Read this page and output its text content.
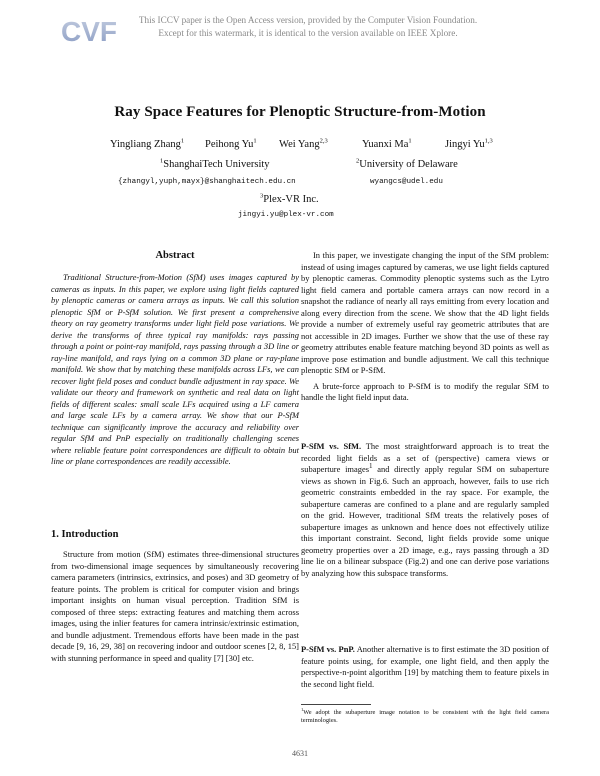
CVF	This ICCV paper is the Open Access version, provided by the Computer Vision Foundation.
Except for this watermark, it is identical to the version available on IEEE Xplore.
Ray Space Features for Plenoptic Structure-from-Motion
Yingliang Zhang$^1$ Peihong Yu$^1$ Wei Yang$^{2,3}$	Yuanxi Ma$^1$	Jingyi Yu$^{1,3}$
$^1$ShanghaiTech University
{zhangyl,yuph,mayx}@shanghaitech.edu.cn
$^2$University of Delaware
wyangcs@udel.edu
$^3$Plex-VR Inc.
jingyi.yu@plex-vr.com
Abstract

Traditional Structure-from-Motion (SfM) uses images captured by cameras as inputs. In this paper, we explore using light fields captured by plenoptic cameras or camera arrays as inputs. We call this solution plenoptic SfM or P-SfM solution. We first present a comprehensive theory on ray geometry transforms under light field pose variations. We derive the transforms of three typical ray manifolds: rays passing through a point or point-ray manifold, rays passing through a 3D line or ray-line manifold, and rays lying on a common 3D plane or ray-plane manifold. We show that by matching these manifolds across LFs, we can recover light field poses and conduct bundle adjustment in ray space. We validate our theory and framework on synthetic and real data on light fields of different scales: small scale LFs acquired using a LF camera and large scale LFs by a camera array. We show that our P-SfM technique can significantly improve the accuracy and reliability over regular SfM and PnP especially on traditionally challenging scenes where reliable feature point correspondences are difficult to obtain but line or plane correspondences are readily accessible.

1. Introduction

Structure from motion (SfM) estimates three-dimensional structures from two-dimensional image sequences by simultaneously recovering camera parameters (intrinsics, extrinsics, and poses) and 3D geometry of feature points. The problem is critical for computer vision and brings important insights on human visual perception. Tradition SfM is composed of three steps: extracting features and matching them across images, using the inlier features for camera intrinsic/extrinsic estimation, and bundle adjustment. Tremendous efforts have been made in the past decade [9, 16, 29, 38] on recovering indoor and outdoor scenes [2, 8, 15] with stunning performance in speed and quality [7] [30] etc.

In this paper, we investigate changing the input of the SfM problem: instead of using images captured by cameras, we use light fields captured by plenoptic cameras. Commodity plenoptic systems such as the Lytro light field camera and portable camera arrays can now record in a snapshot the radiance of nearly all rays emitting from every location and along every direction from the scene. We show that the 4D light fields provide a number of extremely useful ray geometric attributes that are not accessible in 2D images. Further we show that the use of these ray geometry attributes enable feature matching beyond 3D points as well as improve pose estimation and bundle adjustment. We call this technique plenoptic SfM or P-SfM.

A brute-force approach to P-SfM is to modify the regular SfM to handle the light field input data.

P-SfM vs. SfM. The most straightforward approach is to treat the recorded light fields as a set of (perspective) camera views or subaperture images$^1$ and directly apply regular SfM on subaperture views as shown in Fig.6. Such an approach, however, fails to use rich geometric constraints embedded in the ray space. For example, the subaperture cameras are confined to a plane and are regularly sampled on the grid. However, traditional SfM treats the relatively poses of subaperture images as unknown and hence does not effectively utilize this important constraint. Second, light fields provide some unique geometry properties over a 2D image, e.g., rays passing through a 3D line lie on a bilinear subspace (Fig.2) and one can derive pose variations by analyzing how this subspace transforms.

P-SfM vs. PnP. Another alternative is to first estimate the 3D position of feature points using, for example, one light field, and then apply the perspective-n-point algorithm [19] by matching them to feature pixels in the second light field.

$^1$We adopt the subaperture image notation to be consistent with the light field camera terminologies.
4631
